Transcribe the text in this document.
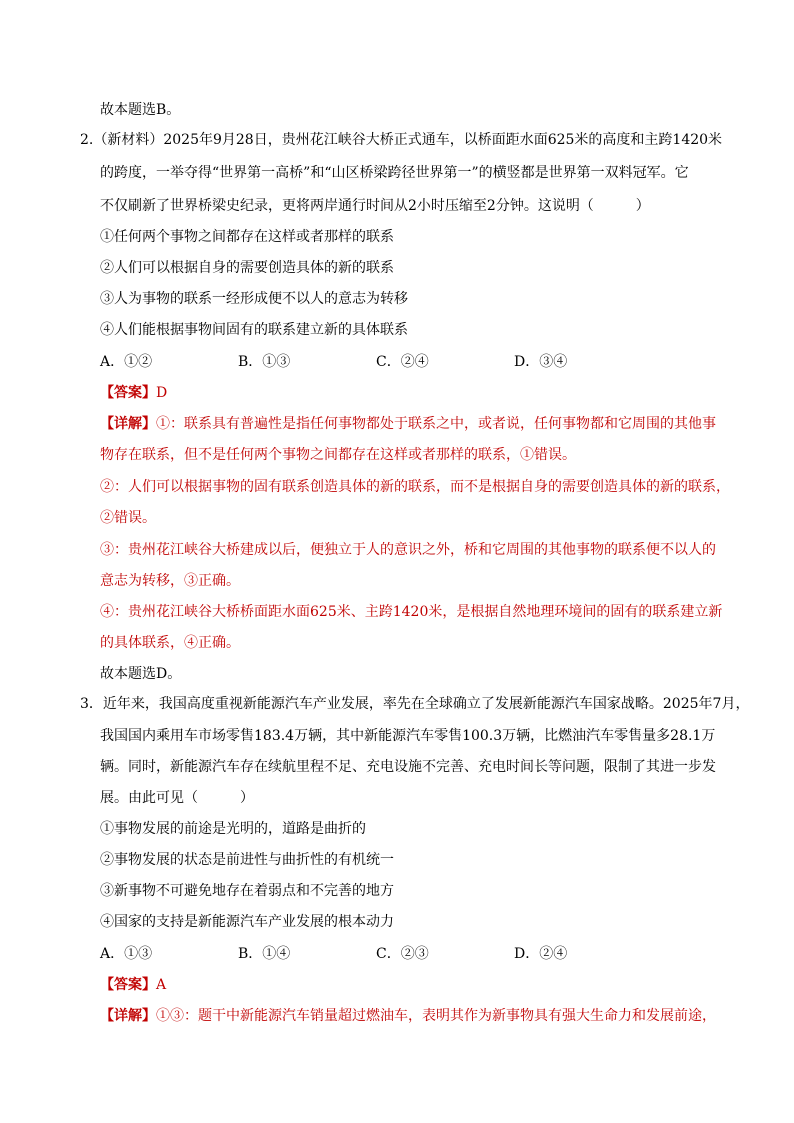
故本题选B。
2.（新材料）2025年9月28日，贵州花江峡谷大桥正式通车，以桥面距水面625米的高度和主跨1420米
的跨度，一举夺得“世界第一高桥”和“山区桥梁跨径世界第一”的横竖都是世界第一双料冠军。它
不仅刷新了世界桥梁史纪录，更将两岸通行时间从2小时压缩至2分钟。这说明（　　　）
①任何两个事物之间都存在这样或者那样的联系
②人们可以根据自身的需要创造具体的新的联系
③人为事物的联系一经形成便不以人的意志为转移
④人们能根据事物间固有的联系建立新的具体联系
A．①②	B．①③	C．②④	D．③④
【答案】D
【详解】①：联系具有普遍性是指任何事物都处于联系之中，或者说，任何事物都和它周围的其他事
物存在联系，但不是任何两个事物之间都存在这样或者那样的联系，①错误。
②：人们可以根据事物的固有联系创造具体的新的联系，而不是根据自身的需要创造具体的新的联系，
②错误。
③：贵州花江峡谷大桥建成以后，便独立于人的意识之外，桥和它周围的其他事物的联系便不以人的
意志为转移，③正确。
④：贵州花江峡谷大桥桥面距水面625米、主跨1420米，是根据自然地理环境间的固有的联系建立新
的具体联系，④正确。
故本题选D。
3．近年来，我国高度重视新能源汽车产业发展，率先在全球确立了发展新能源汽车国家战略。2025年7月，
我国国内乘用车市场零售183.4万辆，其中新能源汽车零售100.3万辆，比燃油汽车零售量多28.1万
辆。同时，新能源汽车存在续航里程不足、充电设施不完善、充电时间长等问题，限制了其进一步发
展。由此可见（　　　）
①事物发展的前途是光明的，道路是曲折的
②事物发展的状态是前进性与曲折性的有机统一
③新事物不可避免地存在着弱点和不完善的地方
④国家的支持是新能源汽车产业发展的根本动力
A．①③	B．①④	C．②③	D．②④
【答案】A
【详解】①③：题干中新能源汽车销量超过燃油车，表明其作为新事物具有强大生命力和发展前途，
